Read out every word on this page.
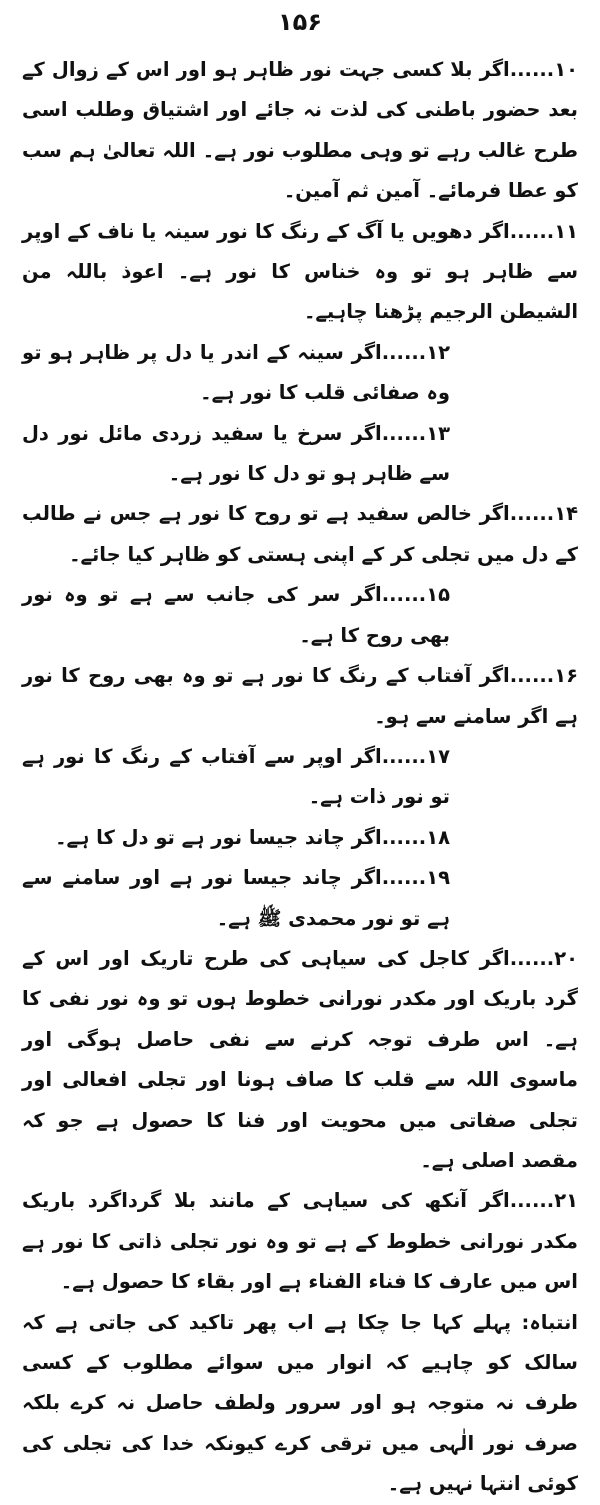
۱۵۶

۱۰......اگر بلا کسی جہت نور ظاہر ہو اور اس کے زوال کے بعد حضور باطنی کی لذت نہ جائے اور اشتیاق وطلب اسی طرح غالب رہے تو وہی مطلوب نور ہے۔ اللہ تعالیٰ ہم سب کو عطا فرمائے۔ آمین ثم آمین۔

۱۱......اگر دھویں یا آگ کے رنگ کا نور سینہ یا ناف کے اوپر سے ظاہر ہو تو وہ خناس کا نور ہے۔ اعوذ باللہ من الشیطن الرجیم پڑھنا چاہیے۔

۱۲......اگر سینہ کے اندر یا دل پر ظاہر ہو تو وہ صفائی قلب کا نور ہے۔

۱۳......اگر سرخ یا سفید زردی مائل نور دل سے ظاہر ہو تو دل کا نور ہے۔

۱۴......اگر خالص سفید ہے تو روح کا نور ہے جس نے طالب کے دل میں تجلی کر کے اپنی ہستی کو ظاہر کیا جائے۔

۱۵......اگر سر کی جانب سے ہے تو وہ نور بھی روح کا ہے۔

۱۶......اگر آفتاب کے رنگ کا نور ہے تو وہ بھی روح کا نور ہے اگر سامنے سے ہو۔

۱۷......اگر اوپر سے آفتاب کے رنگ کا نور ہے تو نور ذات ہے۔

۱۸......اگر چاند جیسا نور ہے تو دل کا ہے۔

۱۹......اگر چاند جیسا نور ہے اور سامنے سے ہے تو نور محمدی ﷺ ہے۔

۲۰......اگر کاجل کی سیاہی کی طرح تاریک اور اس کے گرد باریک اور مکدر نورانی خطوط ہوں تو وہ نور نفی کا ہے۔ اس طرف توجہ کرنے سے نفی حاصل ہوگی اور ماسوی اللہ سے قلب کا صاف ہونا اور تجلی افعالی اور تجلی صفاتی میں محویت اور فنا کا حصول ہے جو کہ مقصد اصلی ہے۔

۲۱......اگر آنکھ کی سیاہی کے مانند بلا گرداگرد باریک مکدر نورانی خطوط کے ہے تو وہ نور تجلی ذاتی کا نور ہے اس میں عارف کا فناء الفناء ہے اور بقاء کا حصول ہے۔

انتباہ: پہلے کہا جا چکا ہے اب پھر تاکید کی جاتی ہے کہ سالک کو چاہیے کہ انوار میں سوائے مطلوب کے کسی طرف نہ متوجہ ہو اور سرور ولطف حاصل نہ کرے بلکہ صرف نور الٰہی میں ترقی کرے کیونکہ خدا کی تجلی کی کوئی انتہا نہیں ہے۔
